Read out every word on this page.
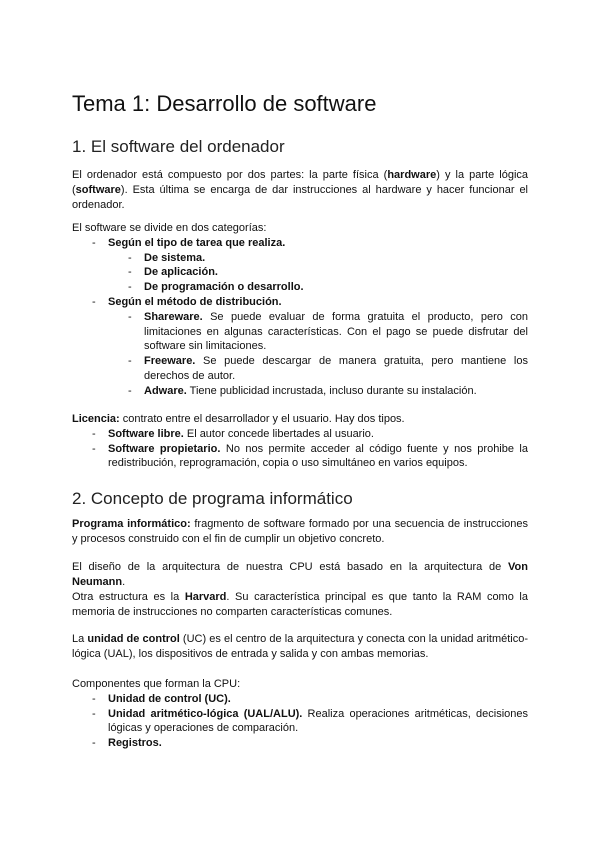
Tema 1: Desarrollo de software
1. El software del ordenador
El ordenador está compuesto por dos partes: la parte física (hardware) y la parte lógica (software). Esta última se encarga de dar instrucciones al hardware y hacer funcionar el ordenador.
El software se divide en dos categorías:
- Según el tipo de tarea que realiza.
- De sistema.
- De aplicación.
- De programación o desarrollo.
- Según el método de distribución.
- Shareware. Se puede evaluar de forma gratuita el producto, pero con limitaciones en algunas características. Con el pago se puede disfrutar del software sin limitaciones.
- Freeware. Se puede descargar de manera gratuita, pero mantiene los derechos de autor.
- Adware. Tiene publicidad incrustada, incluso durante su instalación.
Licencia: contrato entre el desarrollador y el usuario. Hay dos tipos.
- Software libre. El autor concede libertades al usuario.
- Software propietario. No nos permite acceder al código fuente y nos prohibe la redistribución, reprogramación, copia o uso simultáneo en varios equipos.
2. Concepto de programa informático
Programa informático: fragmento de software formado por una secuencia de instrucciones y procesos construido con el fin de cumplir un objetivo concreto.
El diseño de la arquitectura de nuestra CPU está basado en la arquitectura de Von Neumann.
Otra estructura es la Harvard. Su característica principal es que tanto la RAM como la memoria de instrucciones no comparten características comunes.
La unidad de control (UC) es el centro de la arquitectura y conecta con la unidad aritmético-lógica (UAL), los dispositivos de entrada y salida y con ambas memorias.
Componentes que forman la CPU:
- Unidad de control (UC).
- Unidad aritmético-lógica (UAL/ALU). Realiza operaciones aritméticas, decisiones lógicas y operaciones de comparación.
- Registros.
